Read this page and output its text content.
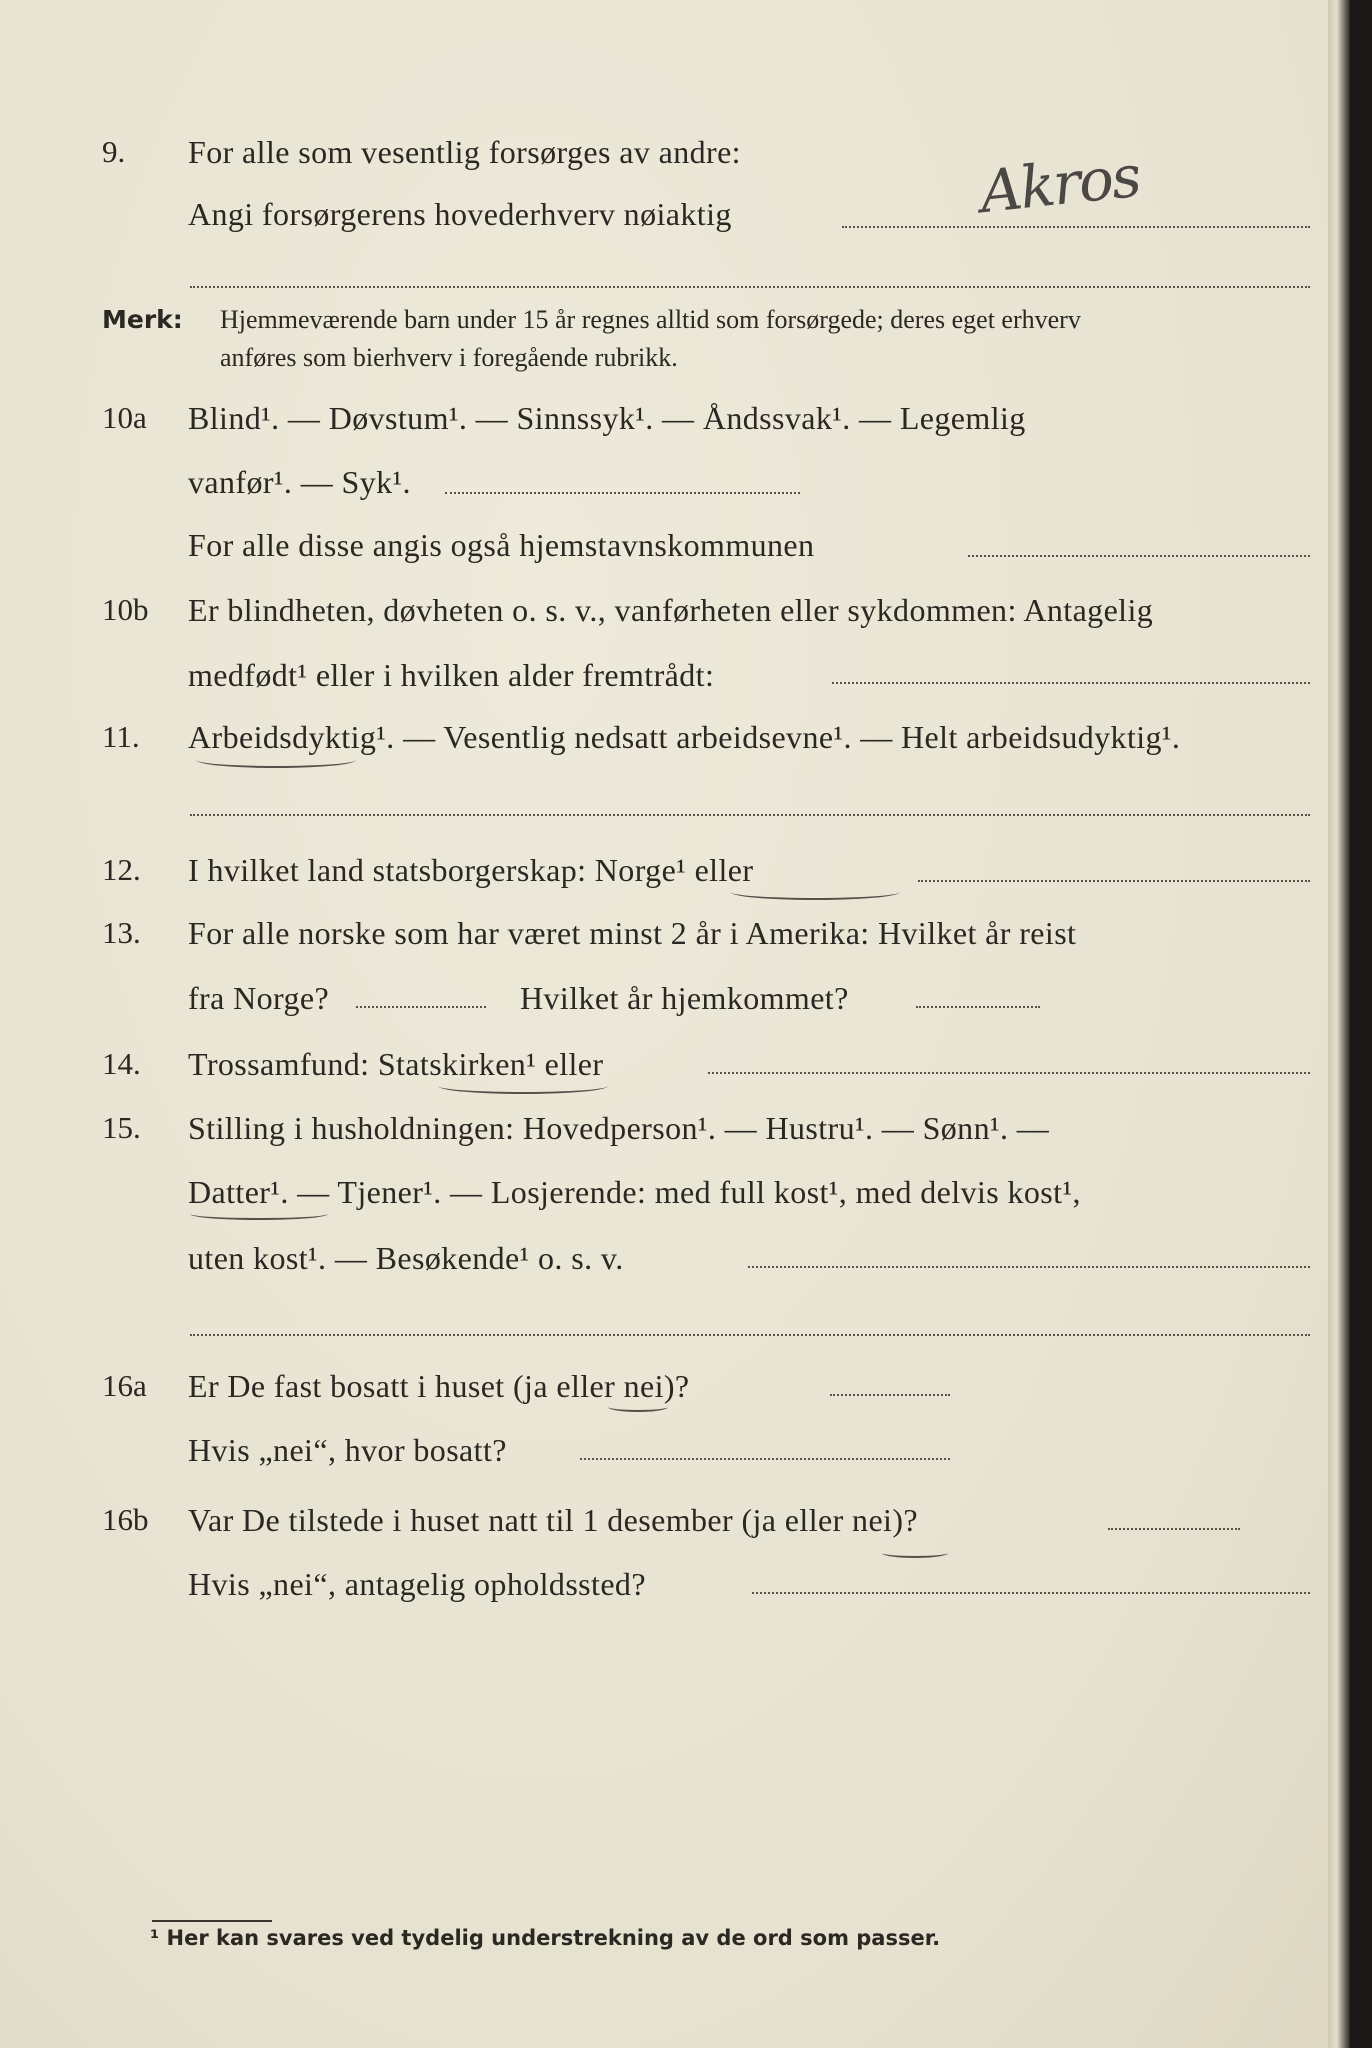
9. For alle som vesentlig forsørges av andre:	Akros
Angi forsørgerens hovederhverv nøiaktig
Merk: Hjemmeværende barn under 15 år regnes alltid som forsørgede; deres eget erhverv
anføres som bierhverv i foregående rubrikk.
10a Blind¹. — Døvstum¹. — Sinnssyk¹. — Åndssvak¹. — Legemlig
vanfør¹. — Syk¹.
For alle disse angis også hjemstavnskommunen
10b Er blindheten, døvheten o. s. v., vanførheten eller sykdommen: Antagelig
medfødt¹ eller i hvilken alder fremtrådt:
11. Arbeidsdyktig¹. — Vesentlig nedsatt arbeidsevne¹. — Helt arbeidsudyktig¹.
12. I hvilket land statsborgerskap: Norge¹ eller
13. For alle norske som har været minst 2 år i Amerika: Hvilket år reist
fra Norge?	Hvilket år hjemkommet?
14. Trossamfund: Statskirken¹ eller
15. Stilling i husholdningen: Hovedperson¹. — Hustru¹. — Sønn¹. —
Datter¹. — Tjener¹. — Losjerende: med full kost¹, med delvis kost¹,
uten kost¹. — Besøkende¹ o. s. v.
16a Er De fast bosatt i huset (ja eller nei)?
Hvis „nei“, hvor bosatt?
16b Var De tilstede i huset natt til 1 desember (ja eller nei)?
Hvis „nei“, antagelig opholdssted?
¹ Her kan svares ved tydelig understrekning av de ord som passer.
